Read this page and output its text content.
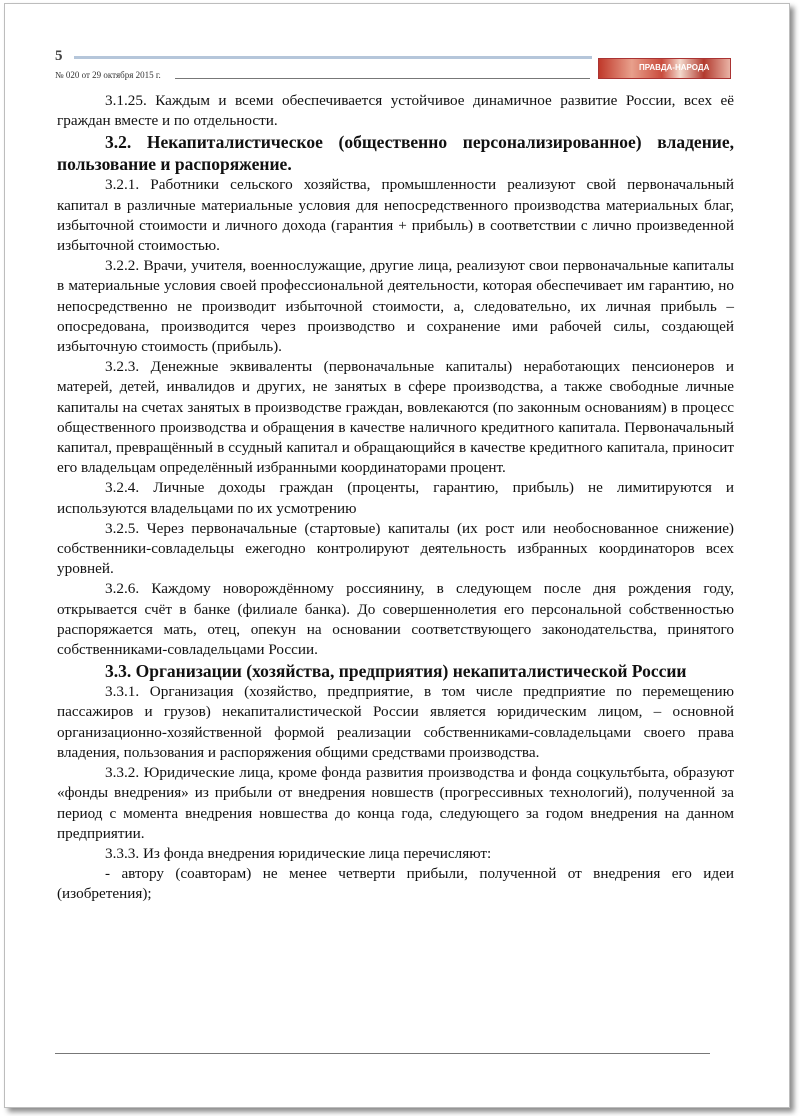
5
№ 020 от 29 октября 2015 г.
ПРАВДА-НАРОДА

3.1.25. Каждым и всеми обеспечивается устойчивое динамичное развитие России, всех её граждан вместе и по отдельности.

3.2. Некапиталистическое (общественно персонализированное) владение, пользование и распоряжение.

3.2.1. Работники сельского хозяйства, промышленности реализуют свой первоначальный капитал в различные материальные условия для непосредственного производства материальных благ, избыточной стоимости и личного дохода (гарантия + прибыль) в соответствии с лично произведенной избыточной стоимостью.

3.2.2. Врачи, учителя, военнослужащие, другие лица, реализуют свои первоначальные капиталы в материальные условия своей профессиональной деятельности, которая обеспечивает им гарантию, но непосредственно не производит избыточной стоимости, а, следовательно, их личная прибыль – опосредована, производится через производство и сохранение ими рабочей силы, создающей избыточную стоимость (прибыль).

3.2.3. Денежные эквиваленты (первоначальные капиталы) неработающих пенсионеров и матерей, детей, инвалидов и других, не занятых в сфере производства, а также свободные личные капиталы на счетах занятых в производстве граждан, вовлекаются (по законным основаниям) в процесс общественного производства и обращения в качестве наличного кредитного капитала. Первоначальный капитал, превращённый в ссудный капитал и обращающийся в качестве кредитного капитала, приносит его владельцам определённый избранными координаторами процент.

3.2.4. Личные доходы граждан (проценты, гарантию, прибыль) не лимитируются и используются владельцами по их усмотрению

3.2.5. Через первоначальные (стартовые) капиталы (их рост или необоснованное снижение) собственники-совладельцы ежегодно контролируют деятельность избранных координаторов всех уровней.

3.2.6. Каждому новорождённому россиянину, в следующем после дня рождения году, открывается счёт в банке (филиале банка). До совершеннолетия его персональной собственностью распоряжается мать, отец, опекун на основании соответствующего законодательства, принятого собственниками-совладельцами России.

3.3. Организации (хозяйства, предприятия) некапиталистической России

3.3.1. Организация (хозяйство, предприятие, в том числе предприятие по перемещению пассажиров и грузов) некапиталистической России является юридическим лицом, – основной организационно-хозяйственной формой реализации собственниками-совладельцами своего права владения, пользования и распоряжения общими средствами производства.

3.3.2. Юридические лица, кроме фонда развития производства и фонда соцкультбыта, образуют «фонды внедрения» из прибыли от внедрения новшеств (прогрессивных технологий), полученной за период с момента внедрения новшества до конца года, следующего за годом внедрения на данном предприятии.

3.3.3. Из фонда внедрения юридические лица перечисляют:

- автору (соавторам) не менее четверти прибыли, полученной от внедрения его идеи (изобретения);
